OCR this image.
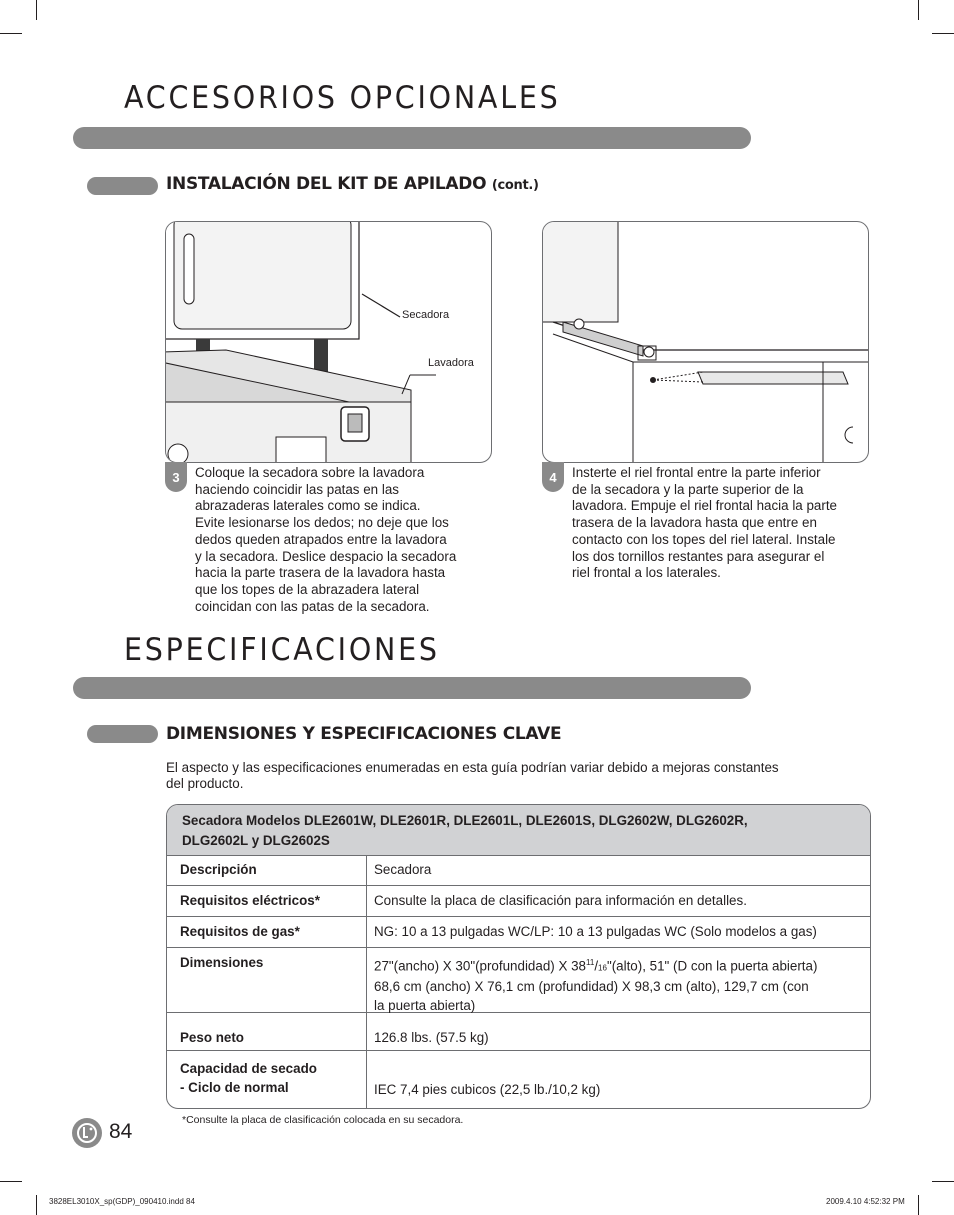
ACCESORIOS OPCIONALES
INSTALACIÓN DEL KIT DE APILADO (cont.)
Secadora
Lavadora
3	Coloque la secadora sobre la lavadora

haciendo coincidir las patas en las

abrazaderas laterales como se indica.

Evite lesionarse los dedos; no deje que los

dedos queden atrapados entre la lavadora

y la secadora. Deslice despacio la secadora

hacia la parte trasera de la lavadora hasta

que los topes de la abrazadera lateral

coincidan con las patas de la secadora.

4	Insterte el riel frontal entre la parte inferior

de la secadora y la parte superior de la

lavadora. Empuje el riel frontal hacia la parte

trasera de la lavadora hasta que entre en

contacto con los topes del riel lateral. Instale

los dos tornillos restantes para asegurar el

riel frontal a los laterales.

ESPECIFICACIONES
DIMENSIONES Y ESPECIFICACIONES CLAVE
El aspecto y las especificaciones enumeradas en esta guía podrían variar debido a mejoras constantes
del producto.
Secadora Modelos DLE2601W, DLE2601R, DLE2601L, DLE2601S, DLG2602W, DLG2602R,
DLG2602L y DLG2602S
Descripción	Secadora
Requisitos eléctricos*	Consulte la placa de clasificación para información en detalles.
Requisitos de gas*	NG: 10 a 13 pulgadas WC/LP: 10 a 13 pulgadas WC (Solo modelos a gas)
Dimensiones	27"(ancho) X 30"(profundidad) X $38^{11}/16"(alto)$, 51" (D con la puerta abierta)
68,6 cm (ancho) X 76,1 cm (profundidad) X 98,3 cm (alto), 129,7 cm (con
la puerta abierta)
Peso neto	126.8 lbs. (57.5 kg)
Capacidad de secado
- Ciclo de normal	IEC 7,4 pies cubicos (22,5 lb./10,2 kg)
*Consulte la placa de clasificación colocada en su secadora.
84
3828EL3010X_sp(GDP)_090410.indd 84	2009.4.10 4:52:32 PM
